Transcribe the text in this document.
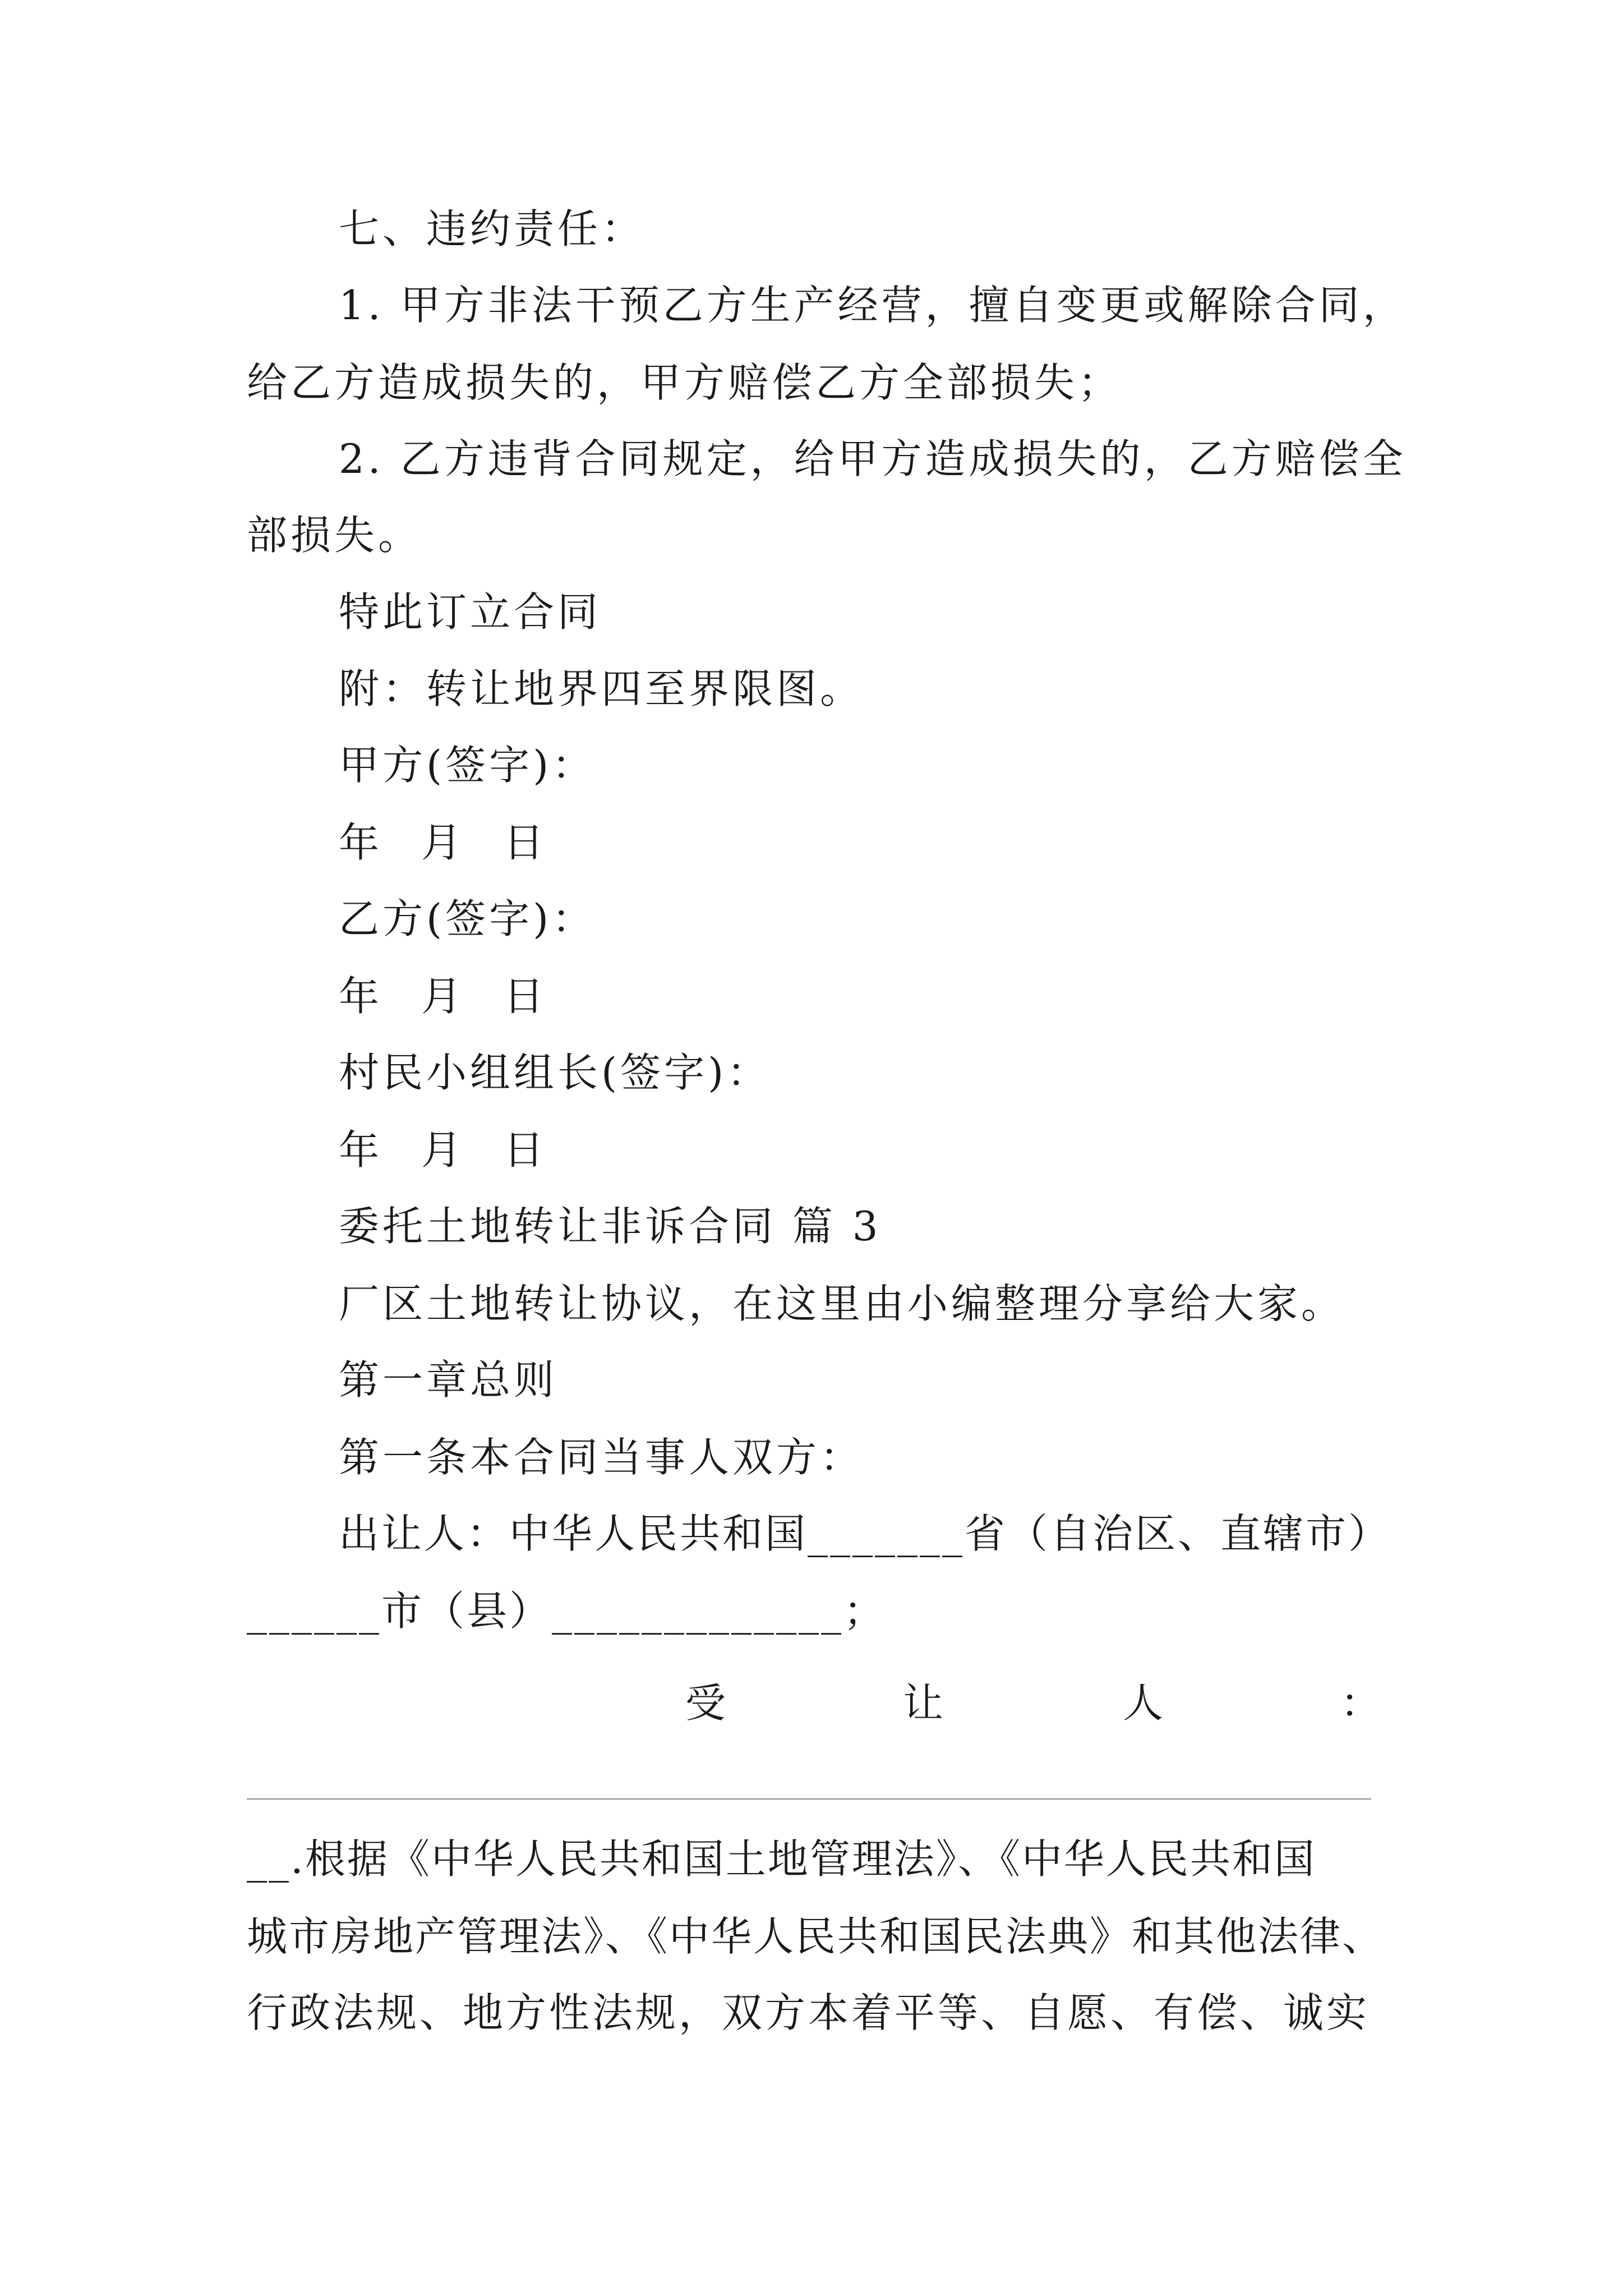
七、违约责任：
1. 甲方非法干预乙方生产经营，擅自变更或解除合同，
给乙方造成损失的，甲方赔偿乙方全部损失；
2. 乙方违背合同规定，给甲方造成损失的，乙方赔偿全
部损失。
特此订立合同
附：转让地界四至界限图。
甲方(签字)：
年 月 日
乙方(签字)：
年 月 日
村民小组组长(签字)：
年 月 日
委托土地转让非诉合同 篇 3
厂区土地转让协议，在这里由小编整理分享给大家。
第一章总则
第一条本合同当事人双方：
出让人：中华人民共和国_______省（自治区、直辖市）
______市（县）_____________；
受	让	人	：
__.根据《中华人民共和国土地管理法》、《中华人民共和国
城市房地产管理法》、《中华人民共和国民法典》和其他法律、
行政法规、地方性法规，双方本着平等、自愿、有偿、诚实
